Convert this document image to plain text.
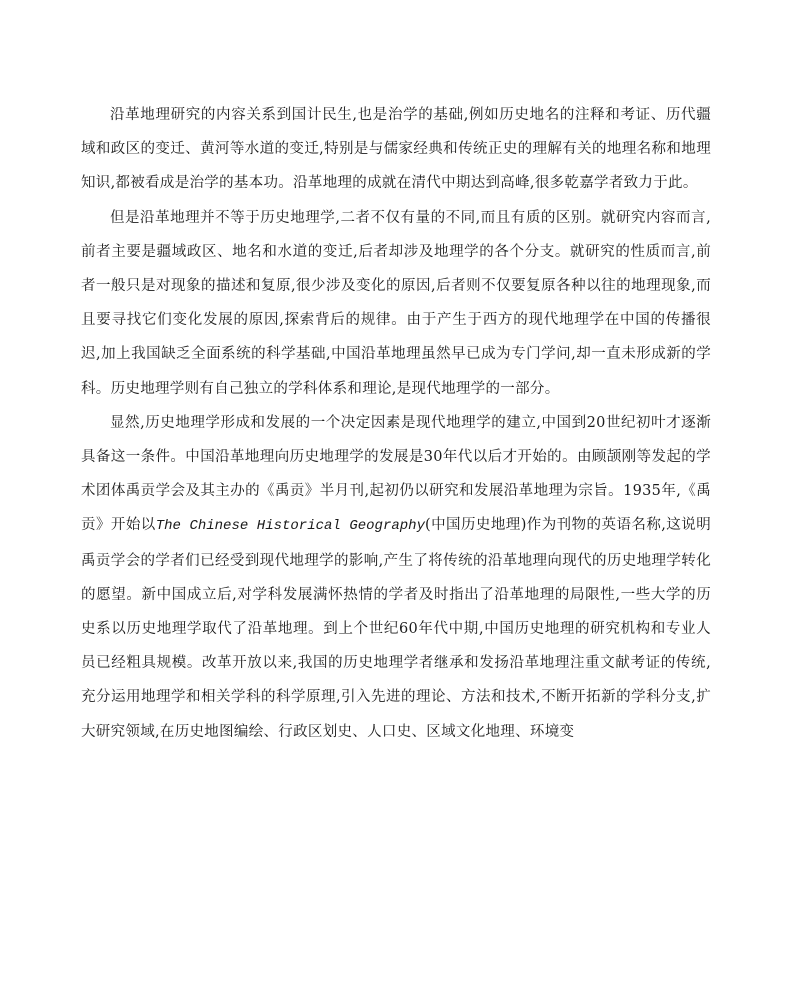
沿革地理研究的内容关系到国计民生,也是治学的基础,例如历史地名的注释和考证、历代疆域和政区的变迁、黄河等水道的变迁,特别是与儒家经典和传统正史的理解有关的地理名称和地理知识,都被看成是治学的基本功。沿革地理的成就在清代中期达到高峰,很多乾嘉学者致力于此。

但是沿革地理并不等于历史地理学,二者不仅有量的不同,而且有质的区别。就研究内容而言,前者主要是疆域政区、地名和水道的变迁,后者却涉及地理学的各个分支。就研究的性质而言,前者一般只是对现象的描述和复原,很少涉及变化的原因,后者则不仅要复原各种以往的地理现象,而且要寻找它们变化发展的原因,探索背后的规律。由于产生于西方的现代地理学在中国的传播很迟,加上我国缺乏全面系统的科学基础,中国沿革地理虽然早已成为专门学问,却一直未形成新的学科。历史地理学则有自己独立的学科体系和理论,是现代地理学的一部分。

显然,历史地理学形成和发展的一个决定因素是现代地理学的建立,中国到20世纪初叶才逐渐具备这一条件。中国沿革地理向历史地理学的发展是30年代以后才开始的。由顾颉刚等发起的学术团体禹贡学会及其主办的《禹贡》半月刊,起初仍以研究和发展沿革地理为宗旨。1935年,《禹贡》开始以The Chinese Historical Geography(中国历史地理)作为刊物的英语名称,这说明禹贡学会的学者们已经受到现代地理学的影响,产生了将传统的沿革地理向现代的历史地理学转化的愿望。新中国成立后,对学科发展满怀热情的学者及时指出了沿革地理的局限性,一些大学的历史系以历史地理学取代了沿革地理。到上个世纪60年代中期,中国历史地理的研究机构和专业人员已经粗具规模。改革开放以来,我国的历史地理学者继承和发扬沿革地理注重文献考证的传统,充分运用地理学和相关学科的科学原理,引入先进的理论、方法和技术,不断开拓新的学科分支,扩大研究领域,在历史地图编绘、行政区划史、人口史、区域文化地理、环境变
